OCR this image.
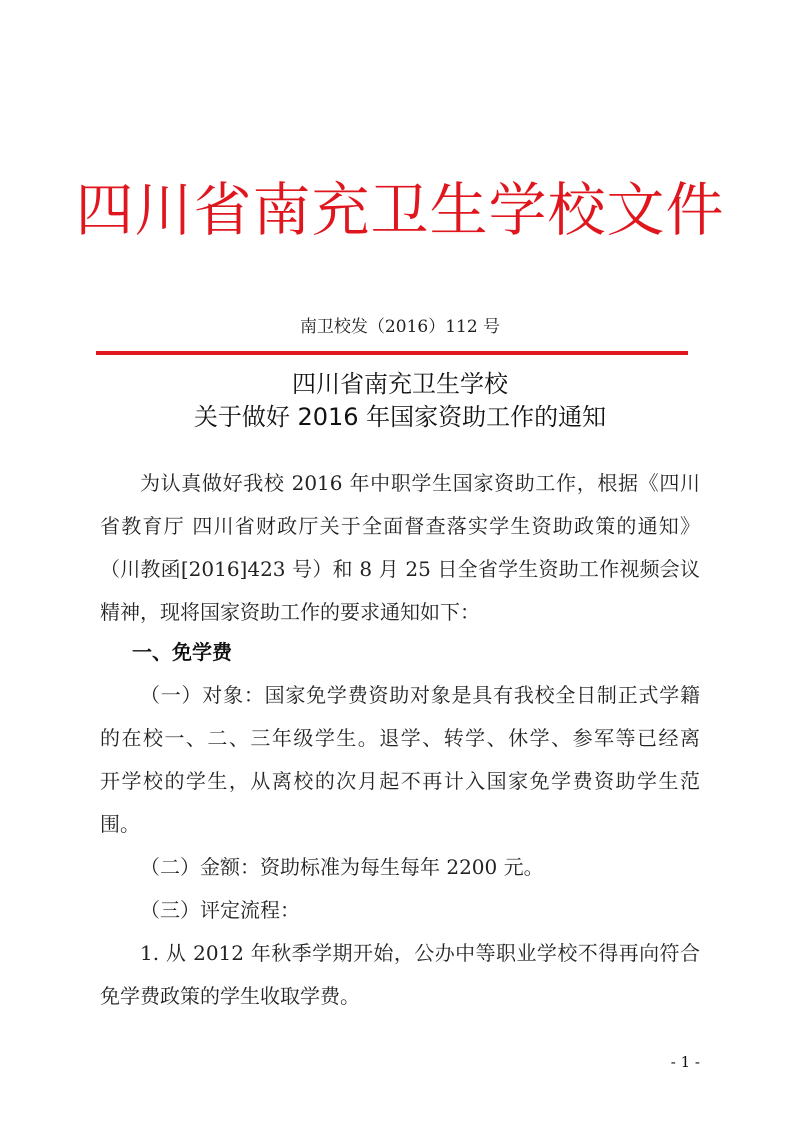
四川省南充卫生学校文件
南卫校发（2016）112 号
四川省南充卫生学校
关于做好 2016 年国家资助工作的通知
为认真做好我校 2016 年中职学生国家资助工作，根据《四川
省教育厅 四川省财政厅关于全面督查落实学生资助政策的通知》
（川教函[2016]423 号）和 8 月 25 日全省学生资助工作视频会议
精神，现将国家资助工作的要求通知如下：
一、免学费
（一）对象：国家免学费资助对象是具有我校全日制正式学籍
的在校一、二、三年级学生。退学、转学、休学、参军等已经离
开学校的学生，从离校的次月起不再计入国家免学费资助学生范
围。
（二）金额：资助标准为每生每年 2200 元。
（三）评定流程：
1. 从 2012 年秋季学期开始，公办中等职业学校不得再向符合
免学费政策的学生收取学费。
- 1 -
